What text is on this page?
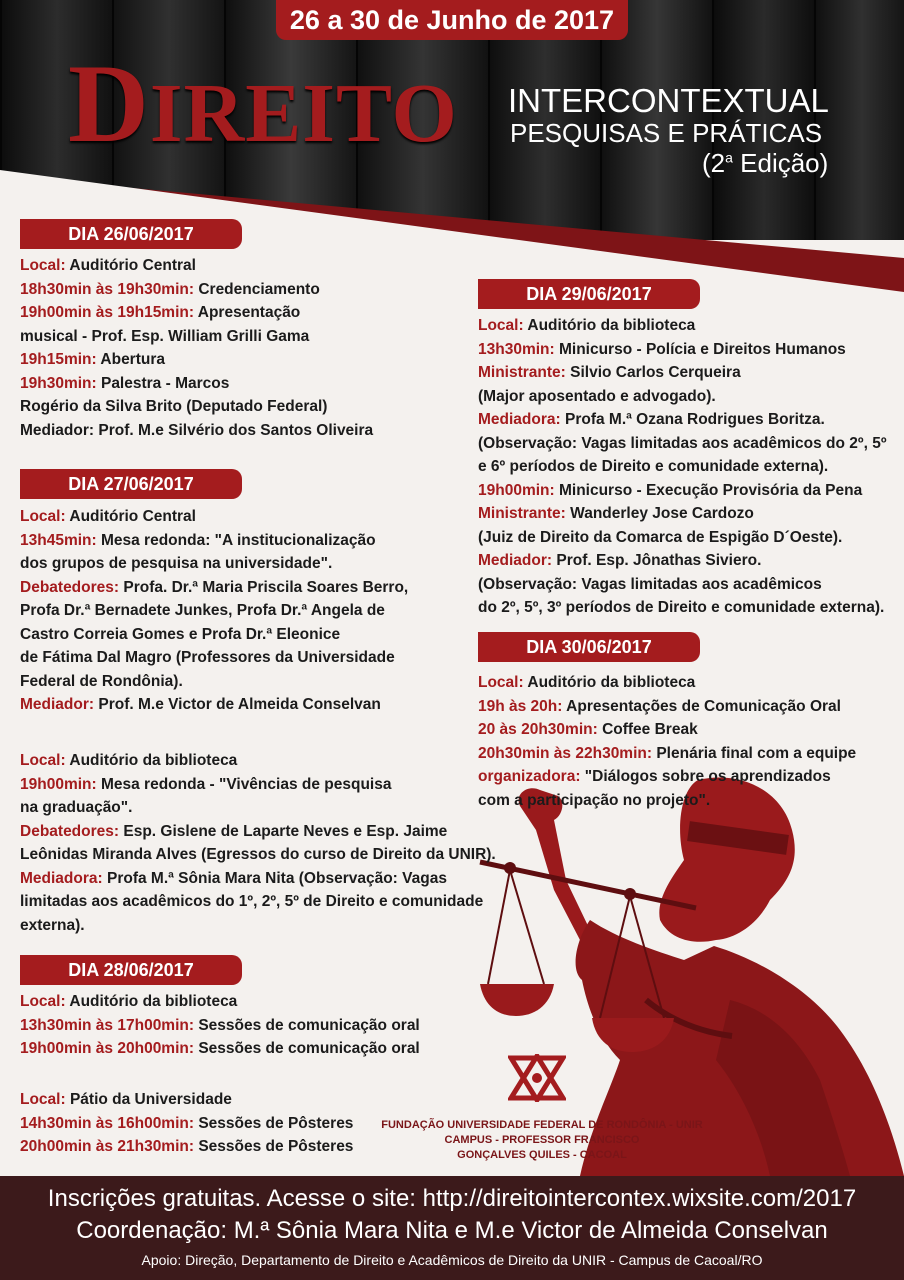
26 a 30 de Junho de 2017
DIREITO INTERCONTEXTUAL
PESQUISAS E PRÁTICAS
(2$^a$ Edição)
FUNDAÇÃO UNIVERSIDADE FEDERAL DE RONDÔNIA - UNIR
CAMPUS - PROFESSOR FRANCISCO
GONÇALVES QUILES - CACOAL
DIA 26/06/2017
DIA 27/06/2017
DIA 28/06/2017
DIA 29/06/2017
DIA 30/06/2017
Local: Auditório Central
18h30min às 19h30min: Credenciamento
19h00min às 19h15min: Apresentação
musical - Prof. Esp. William Grilli Gama
19h15min: Abertura
19h30min: Palestra - Marcos
Rogério da Silva Brito (Deputado Federal)
Mediador: Prof. M.e Silvério dos Santos Oliveira
Local: Auditório Central
13h45min: Mesa redonda: "A institucionalização
dos grupos de pesquisa na universidade".
Debatedores: Profa. Dr.ª Maria Priscila Soares Berro,
Profa Dr.ª Bernadete Junkes, Profa Dr.ª Angela de
Castro Correia Gomes e Profa Dr.ª Eleonice
de Fátima Dal Magro (Professores da Universidade
Federal de Rondônia).
Mediador: Prof. M.e Victor de Almeida Conselvan
Local: Auditório da biblioteca
19h00min: Mesa redonda - "Vivências de pesquisa
na graduação".
Debatedores: Esp. Gislene de Laparte Neves e Esp. Jaime
Leônidas Miranda Alves (Egressos do curso de Direito da UNIR).
Mediadora: Profa M.ª Sônia Mara Nita (Observação: Vagas
limitadas aos acadêmicos do 1º, 2º, 5º de Direito e comunidade
externa).
Local: Auditório da biblioteca
13h30min às 17h00min: Sessões de comunicação oral
19h00min às 20h00min: Sessões de comunicação oral
Local: Pátio da Universidade
14h30min às 16h00min: Sessões de Pôsteres
20h00min às 21h30min: Sessões de Pôsteres
Local: Auditório da biblioteca
13h30min: Minicurso - Polícia e Direitos Humanos
Ministrante: Silvio Carlos Cerqueira
(Major aposentado e advogado).
Mediadora: Profa M.ª Ozana Rodrigues Boritza.
(Observação: Vagas limitadas aos acadêmicos do 2º, 5º
e 6º períodos de Direito e comunidade externa).
19h00min: Minicurso - Execução Provisória da Pena
Ministrante: Wanderley Jose Cardozo
(Juiz de Direito da Comarca de Espigão D´Oeste).
Mediador: Prof. Esp. Jônathas Siviero.
(Observação: Vagas limitadas aos acadêmicos
do 2º, 5º, 3º períodos de Direito e comunidade externa).
Local: Auditório da biblioteca
19h às 20h: Apresentações de Comunicação Oral
20 às 20h30min: Coffee Break
20h30min às 22h30min: Plenária final com a equipe
organizadora: "Diálogos sobre os aprendizados
com a participação no projeto".
Inscrições gratuitas. Acesse o site: http://direitointercontex.wixsite.com/2017
Coordenação: M.ª Sônia Mara Nita e M.e Victor de Almeida Conselvan
Apoio: Direção, Departamento de Direito e Acadêmicos de Direito da UNIR - Campus de Cacoal/RO
